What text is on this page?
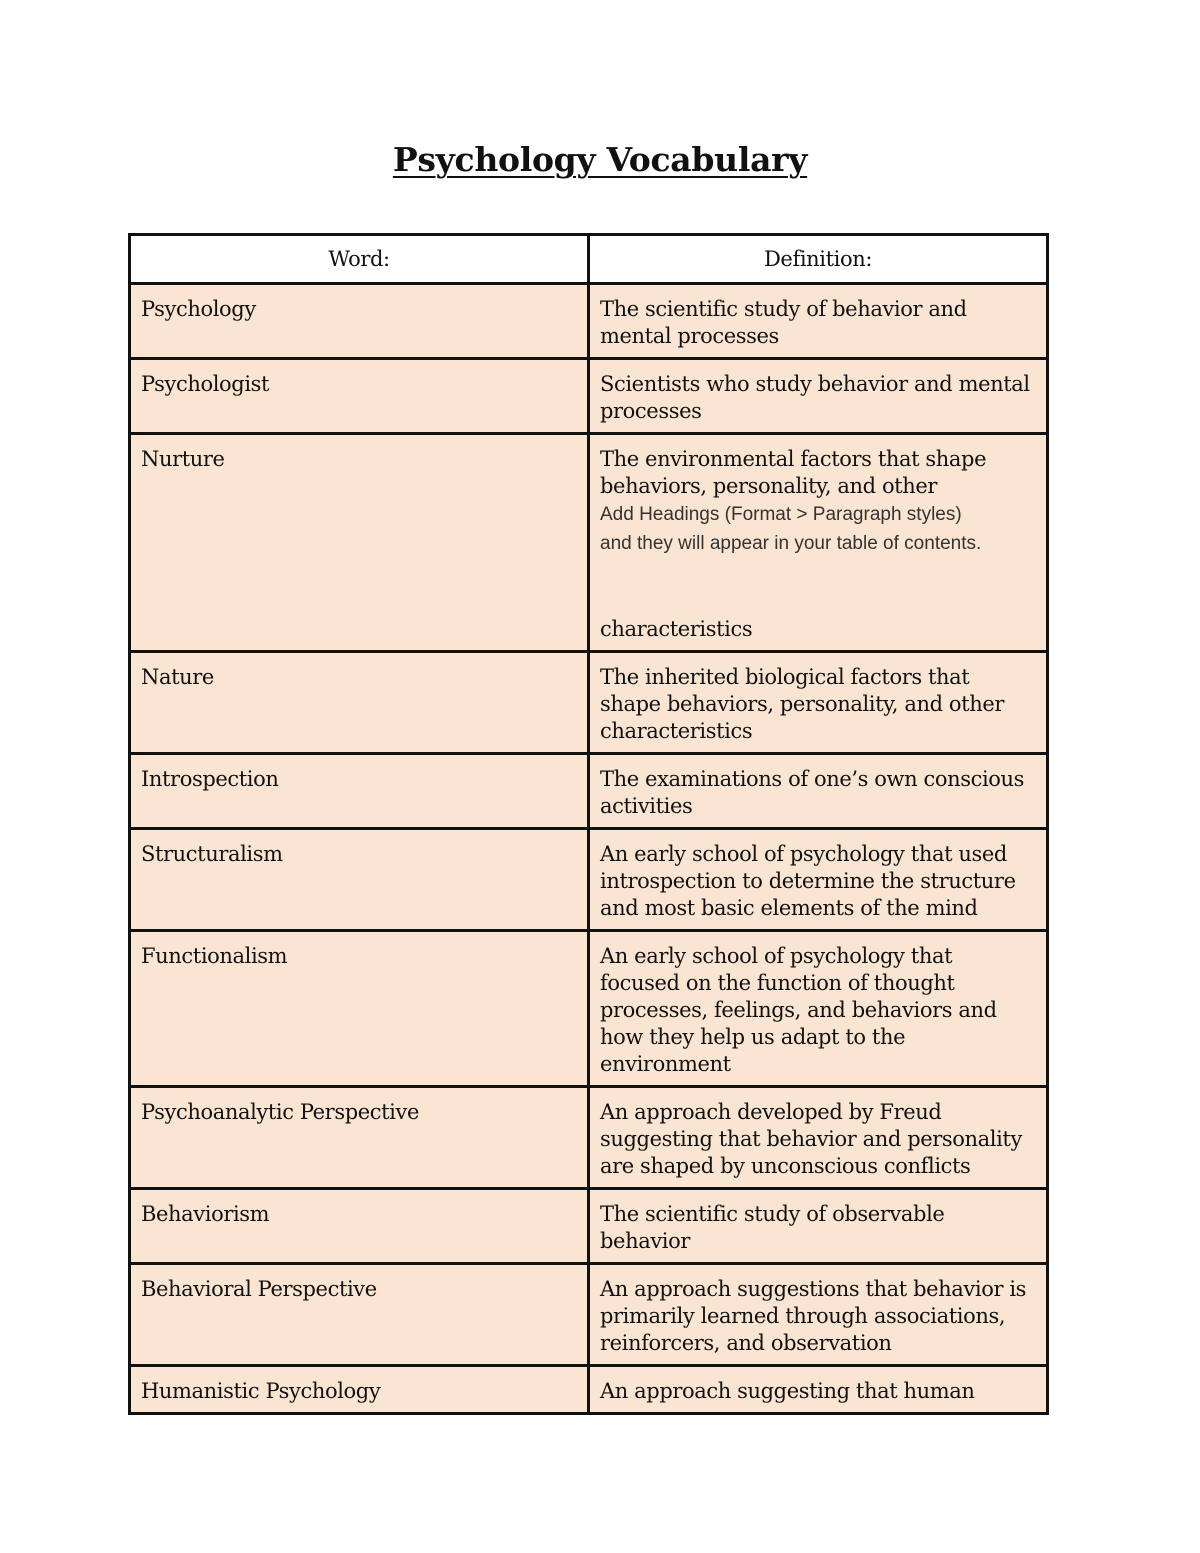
Psychology Vocabulary
Word:	Definition:
Psychology	The scientific study of behavior and mental processes
Psychologist	Scientists who study behavior and mental processes
Nurture	The environmental factors that shape behaviors, personality, and other
Add Headings (Format > Paragraph styles)
and they will appear in your table of contents.
characteristics
Nature	The inherited biological factors that shape behaviors, personality, and other characteristics
Introspection	The examinations of one’s own conscious activities
Structuralism	An early school of psychology that used introspection to determine the structure and most basic elements of the mind
Functionalism	An early school of psychology that focused on the function of thought processes, feelings, and behaviors and how they help us adapt to the environment
Psychoanalytic Perspective	An approach developed by Freud suggesting that behavior and personality are shaped by unconscious conflicts
Behaviorism	The scientific study of observable behavior
Behavioral Perspective	An approach suggestions that behavior is primarily learned through associations, reinforcers, and observation
Humanistic Psychology	An approach suggesting that human
